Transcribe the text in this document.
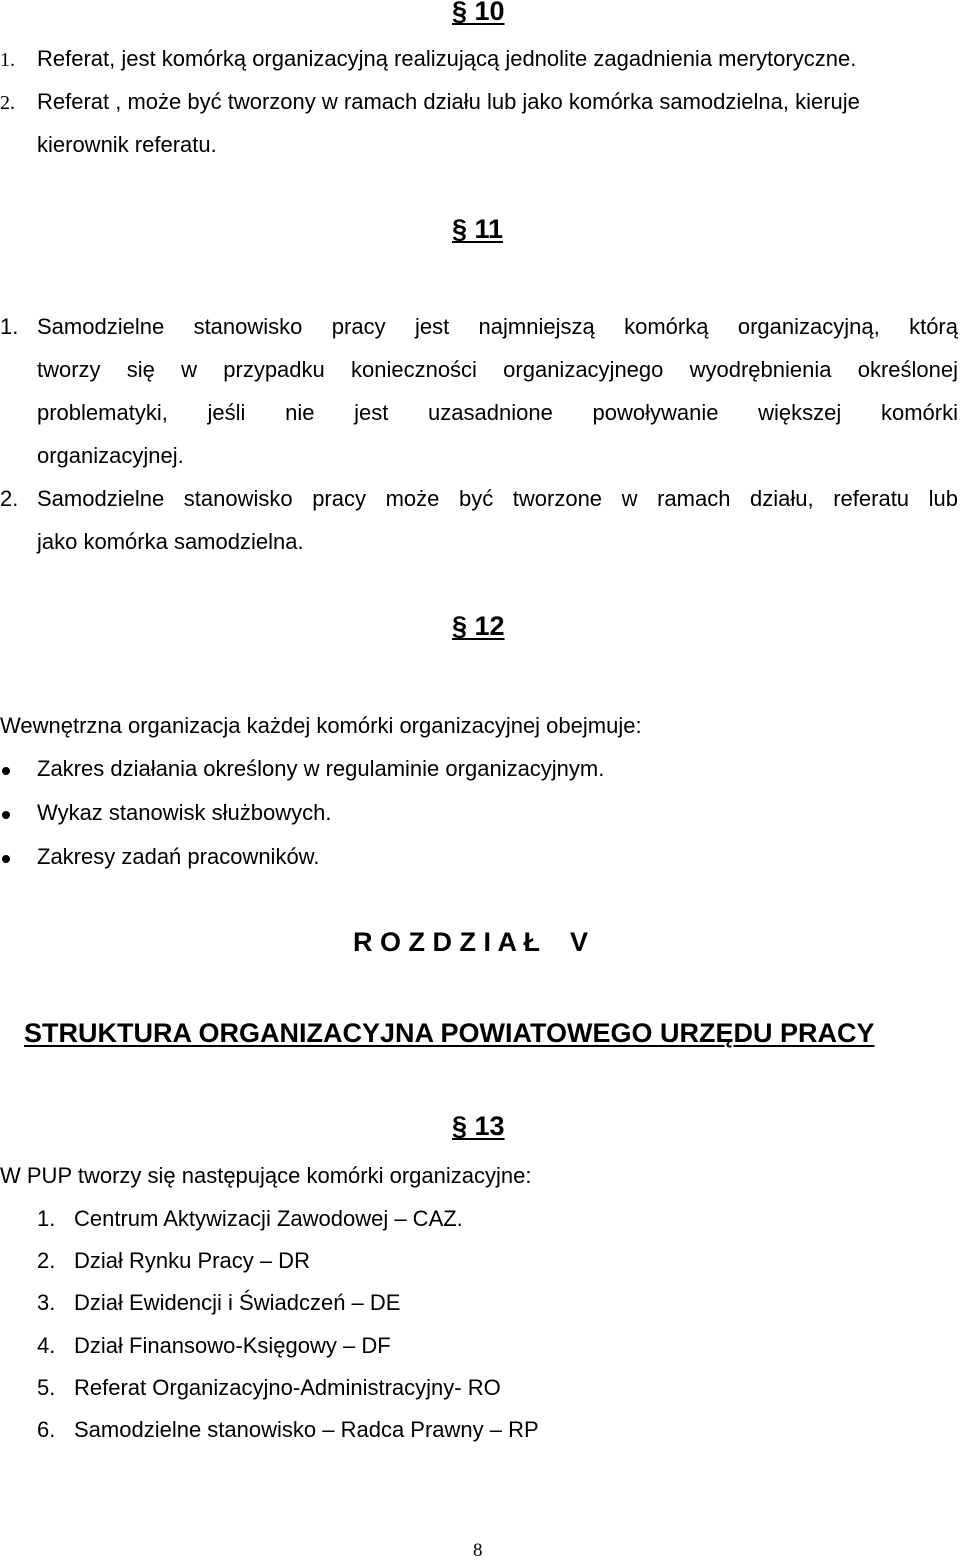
§ 10
1. Referat, jest komórką organizacyjną realizującą jednolite zagadnienia merytoryczne.
2. Referat , może być tworzony w ramach działu lub jako komórka samodzielna, kieruje
kierownik referatu.
§ 11
1. Samodzielne stanowisko pracy jest najmniejszą komórką organizacyjną, którą
tworzy się w przypadku konieczności organizacyjnego wyodrębnienia określonej
problematyki, jeśli nie jest uzasadnione powoływanie większej komórki
organizacyjnej.
2. Samodzielne stanowisko pracy może być tworzone w ramach działu, referatu lub
jako komórka samodzielna.
§ 12
Wewnętrzna organizacja każdej komórki organizacyjnej obejmuje:
Zakres działania określony w regulaminie organizacyjnym.
Wykaz stanowisk służbowych.
Zakresy zadań pracowników.
R O Z D Z I A Ł    V
STRUKTURA ORGANIZACYJNA POWIATOWEGO URZĘDU PRACY
§ 13
W PUP tworzy się następujące komórki organizacyjne:
1. Centrum Aktywizacji Zawodowej – CAZ.
2. Dział Rynku Pracy – DR
3. Dział Ewidencji i Świadczeń – DE
4. Dział Finansowo-Księgowy – DF
5. Referat Organizacyjno-Administracyjny- RO
6. Samodzielne stanowisko – Radca Prawny – RP
8
